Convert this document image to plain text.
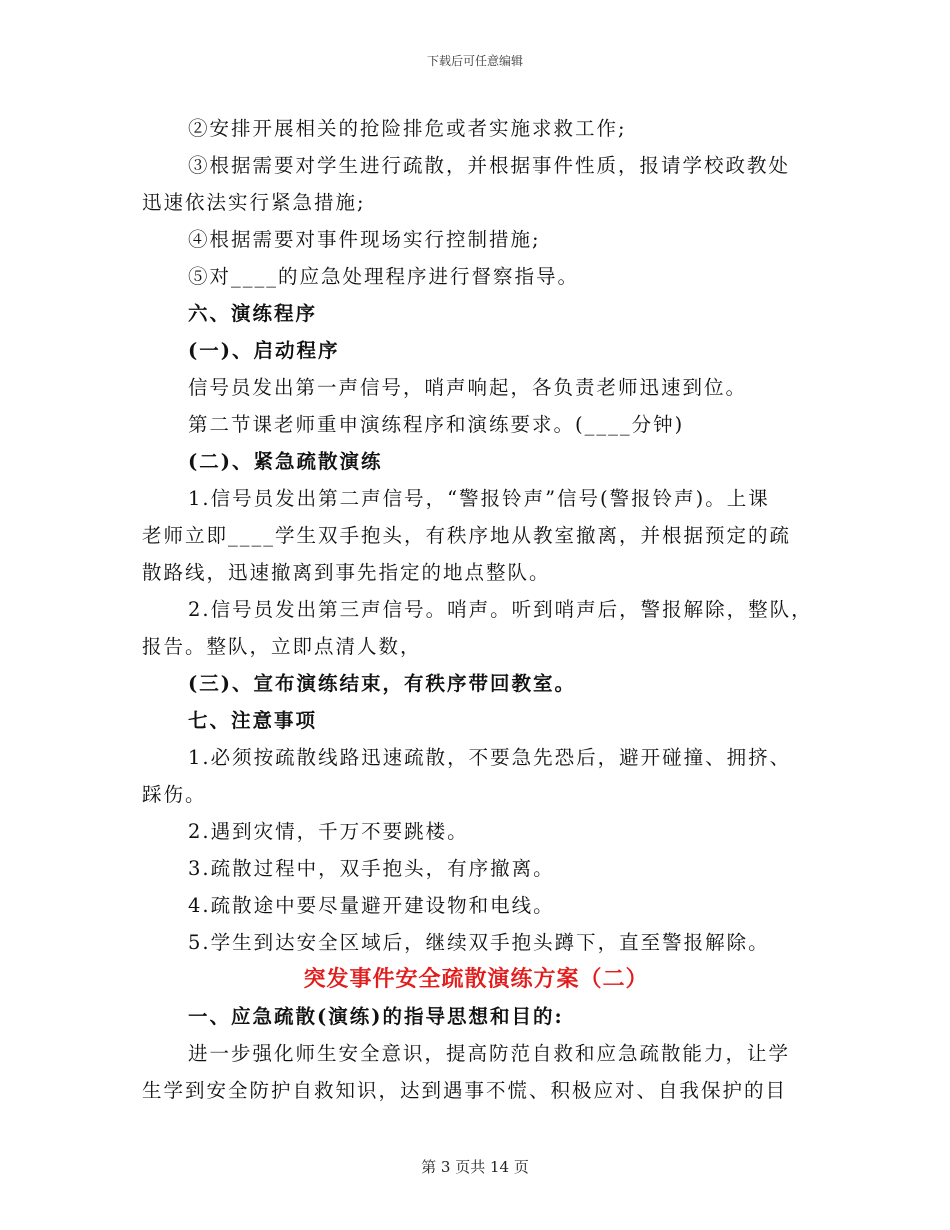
下载后可任意编辑
②安排开展相关的抢险排危或者实施求救工作;
③根据需要对学生进行疏散，并根据事件性质，报请学校政教处
迅速依法实行紧急措施;
④根据需要对事件现场实行控制措施;
⑤对____的应急处理程序进行督察指导。
六、演练程序
(一)、启动程序
信号员发出第一声信号，哨声响起，各负责老师迅速到位。
第二节课老师重申演练程序和演练要求。(____分钟)
(二)、紧急疏散演练
1.信号员发出第二声信号，“警报铃声”信号(警报铃声)。上课
老师立即____学生双手抱头，有秩序地从教室撤离，并根据预定的疏
散路线，迅速撤离到事先指定的地点整队。
2.信号员发出第三声信号。哨声。听到哨声后，警报解除，整队，
报告。整队，立即点清人数，
(三)、宣布演练结束，有秩序带回教室。
七、注意事项
1.必须按疏散线路迅速疏散，不要急先恐后，避开碰撞、拥挤、
踩伤。
2.遇到灾情，千万不要跳楼。
3.疏散过程中，双手抱头，有序撤离。
4.疏散途中要尽量避开建设物和电线。
5.学生到达安全区域后，继续双手抱头蹲下，直至警报解除。
突发事件安全疏散演练方案（二）
一、应急疏散(演练)的指导思想和目的:
进一步强化师生安全意识，提高防范自救和应急疏散能力，让学
生学到安全防护自救知识，达到遇事不慌、积极应对、自我保护的目
第 3 页共 14 页
